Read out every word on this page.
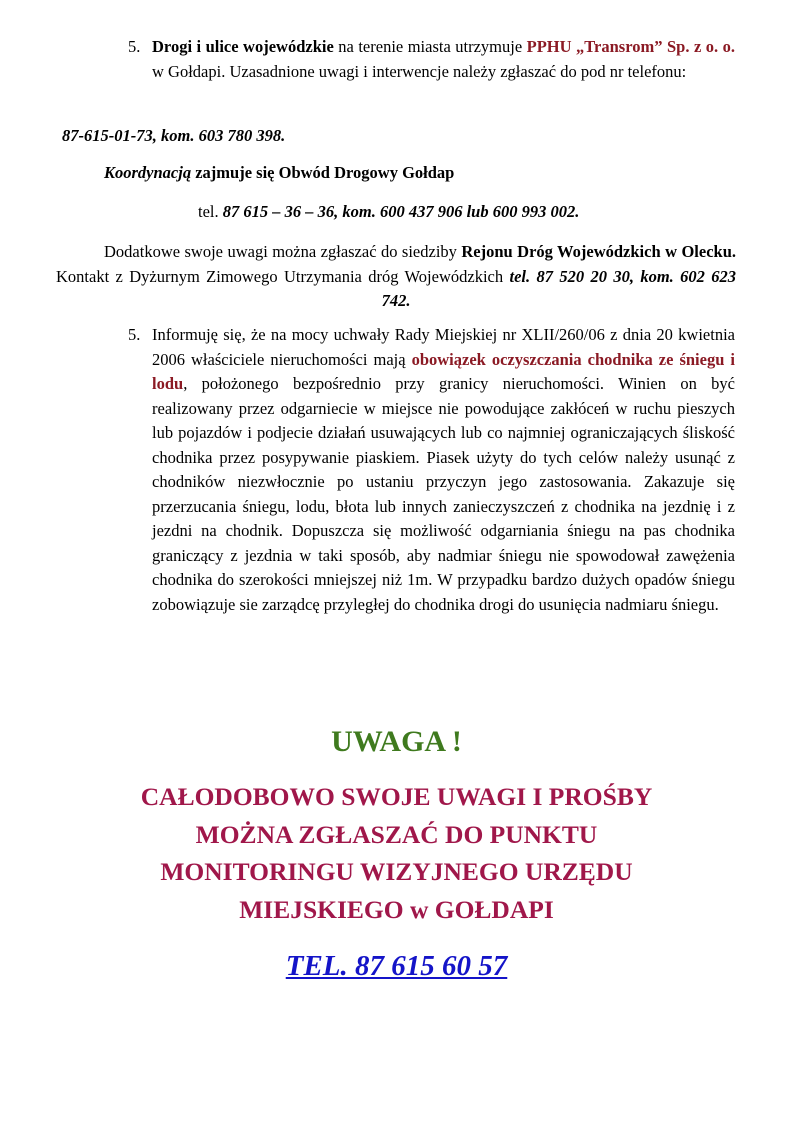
5. Drogi i ulice wojewódzkie na terenie miasta utrzymuje PPHU „Transrom” Sp. z o. o. w Gołdapi. Uzasadnione uwagi i interwencje należy zgłaszać do pod nr telefonu:

87-615-01-73, kom. 603 780 398.

Koordynacją zajmuje się Obwód Drogowy Gołdap

tel. 87 615 – 36 – 36, kom. 600 437 906 lub 600 993 002.

Dodatkowe swoje uwagi można zgłaszać do siedziby Rejonu Dróg Wojewódzkich w Olecku. Kontakt z Dyżurnym Zimowego Utrzymania dróg Wojewódzkich tel. 87 520 20 30, kom. 602 623 742.

5. Informuję się, że na mocy uchwały Rady Miejskiej nr XLII/260/06 z dnia 20 kwietnia 2006 właściciele nieruchomości mają obowiązek oczyszczania chodnika ze śniegu i lodu, położonego bezpośrednio przy granicy nieruchomości. Winien on być realizowany przez odgarniecie w miejsce nie powodujące zakłóceń w ruchu pieszych lub pojazdów i podjecie działań usuwających lub co najmniej ograniczających śliskość chodnika przez posypywanie piaskiem. Piasek użyty do tych celów należy usunąć z chodników niezwłocznie po ustaniu przyczyn jego zastosowania. Zakazuje się przerzucania śniegu, lodu, błota lub innych zanieczyszczeń z chodnika na jezdnię i z jezdni na chodnik. Dopuszcza się możliwość odgarniania śniegu na pas chodnika graniczący z jezdnia w taki sposób, aby nadmiar śniegu nie spowodował zawężenia chodnika do szerokości mniejszej niż 1m. W przypadku bardzo dużych opadów śniegu zobowiązuje sie zarządcę przyległej do chodnika drogi do usunięcia nadmiaru śniegu.

UWAGA !
CAŁODOBOWO SWOJE UWAGI I PROŚBY
MOŻNA ZGŁASZAĆ DO PUNKTU
MONITORINGU WIZYJNEGO URZĘDU
MIEJSKIEGO w GOŁDAPI
TEL. 87 615 60 57
